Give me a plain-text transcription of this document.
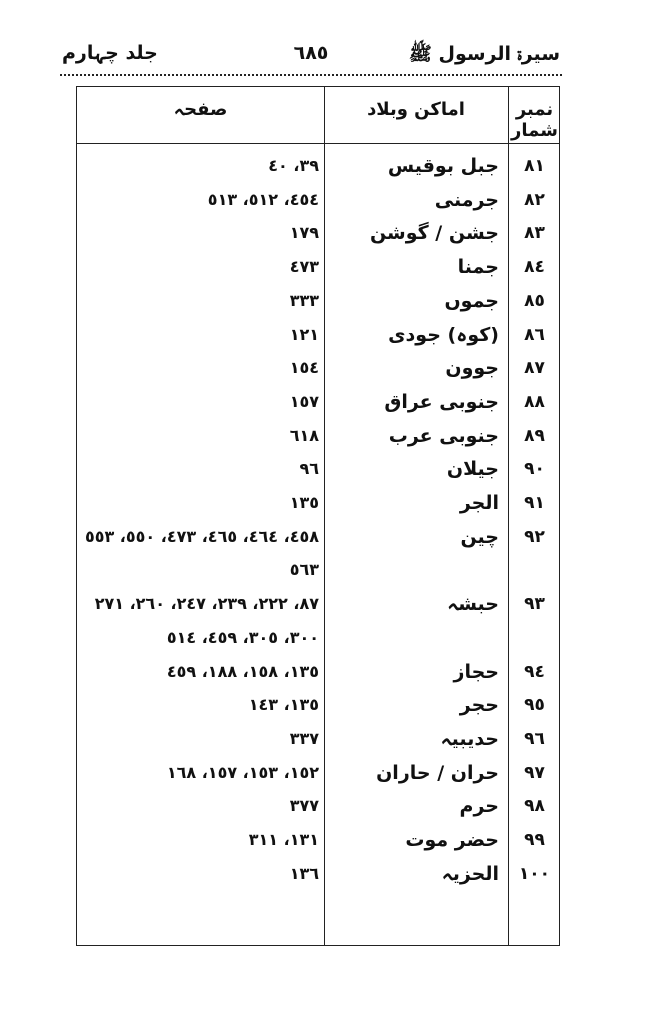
جلد چہارم	٦٨٥	سیرۃ الرسول ﷺ
صفحہ	اماکن وبلاد	نمبر شمار
٣٩، ٤٠	جبل بوقیس	٨١
٤٥٤، ٥١٢، ٥١٣	جرمنی	٨٢
١٧٩	جشن / گوشن	٨٣
٤٧٣	جمنا	٨٤
٣٣٣	جموں	٨٥
١٢١	(کوہ) جودی	٨٦
١٥٤	جوون	٨٧
١٥٧	جنوبی عراق	٨٨
٦١٨	جنوبی عرب	٨٩
٩٦	جیلان	٩٠
١٣٥	الجر	٩١
٤٥٨، ٤٦٤، ٤٦٥، ٤٧٣، ٥٥٠، ٥٥٣	چین	٩٢
٥٦٣
٨٧، ٢٢٢، ٢٣٩، ٢٤٧، ٢٦٠، ٢٧١	حبشہ	٩٣
٣٠٠، ٣٠٥، ٤٥٩، ٥١٤
١٣٥، ١٥٨، ١٨٨، ٤٥٩	حجاز	٩٤
١٣٥، ١٤٣	حجر	٩٥
٣٣٧	حدیبیہ	٩٦
١٥٢، ١٥٣، ١٥٧، ١٦٨	حران / حاران	٩٧
٣٧٧	حرم	٩٨
١٣١، ٣١١	حضر موت	٩٩
١٣٦	الحزیہ	١٠٠
